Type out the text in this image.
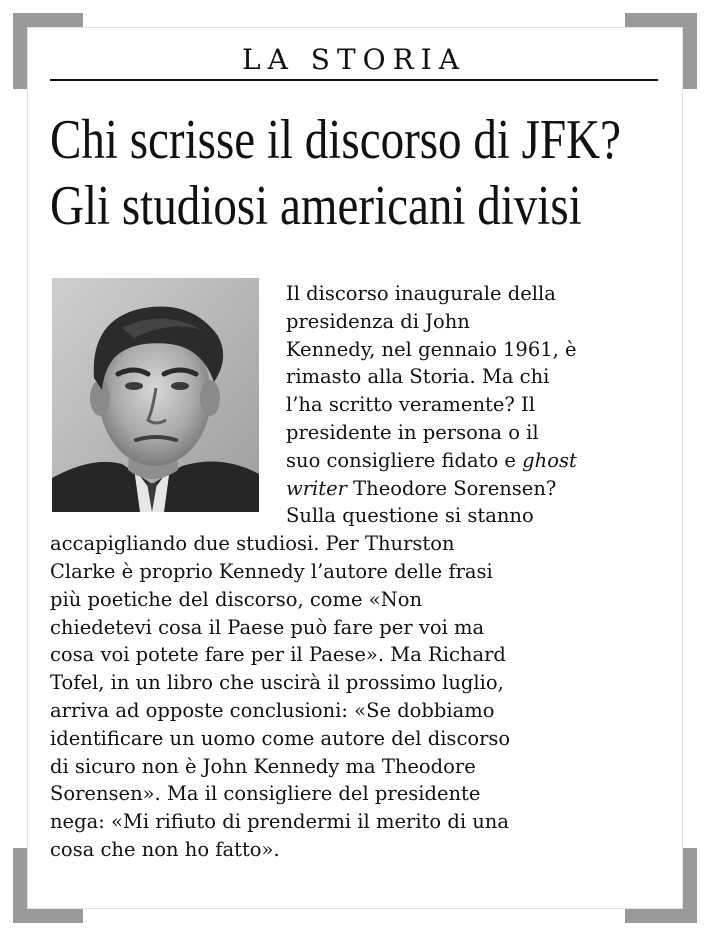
LA STORIA
Chi scrisse il discorso di JFK?
Gli studiosi americani divisi
Il discorso inaugurale della
presidenza di John
Kennedy, nel gennaio 1961, è
rimasto alla Storia. Ma chi
l’ha scritto veramente? Il
presidente in persona o il
suo consigliere fidato e ghost
writer Theodore Sorensen?
Sulla questione si stanno
accapigliando due studiosi. Per Thurston
Clarke è proprio Kennedy l’autore delle frasi
più poetiche del discorso, come «Non
chiedetevi cosa il Paese può fare per voi ma
cosa voi potete fare per il Paese». Ma Richard
Tofel, in un libro che uscirà il prossimo luglio,
arriva ad opposte conclusioni: «Se dobbiamo
identificare un uomo come autore del discorso
di sicuro non è John Kennedy ma Theodore
Sorensen». Ma il consigliere del presidente
nega: «Mi rifiuto di prendermi il merito di una
cosa che non ho fatto».
